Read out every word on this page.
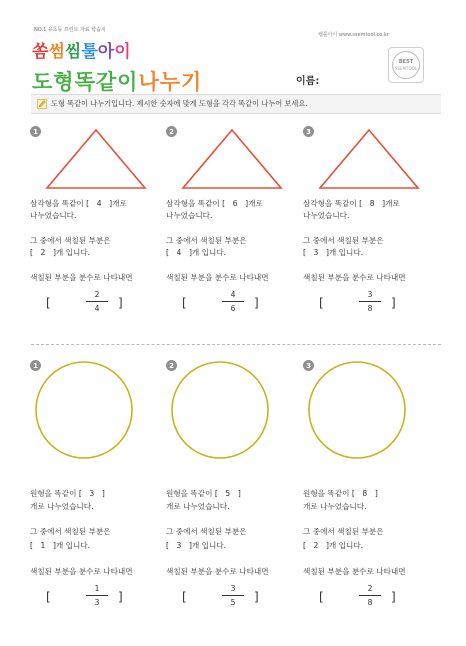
NO.1 유초등 프린트 자료 학습지
쏨 썸 씸 툴 아 이
쌤툴아이 www.ssemtool.co.kr
BEST
SSEMTOOL
도형똑같이나누기	이름:
도형 똑같이 나누기입니다. 제시한 숫자에 맞게 도형을 각각 똑같이 나누어 보세요.
1
삼각형을 똑같이 [ 4 ]개로
나누었습니다.
그 중에서 색칠된 부분은
[ 2 ]개 입니다.
색칠된 부분을 분수로 나타내면
[
2
4	]
2
삼각형을 똑같이 [ 6 ]개로
나누었습니다.
그 중에서 색칠된 부분은
[ 4 ]개 입니다.
색칠된 부분을 분수로 나타내면
[
4
6	]
3
삼각형을 똑같이 [ 8 ]개로
나누었습니다.
그 중에서 색칠된 부분은
[ 3 ]개 입니다.
색칠된 부분을 분수로 나타내면
[
3
8	]
1
원형을 똑같이 [ 3 ]
개로 나누었습니다.
그 중에서 색칠된 부분은
[ 1 ]개 입니다.
색칠된 부분을 분수로 나타내면
[
1
3	]
2
원형을 똑같이 [ 5 ]
개로 나누었습니다.
그 중에서 색칠된 부분은
[ 3 ]개 입니다.
색칠된 부분을 분수로 나타내면
[
3
5	]
3
원형을 똑같이 [ 8 ]
개로 나누었습니다.
그 중에서 색칠된 부분은
[ 2 ]개 입니다.
색칠된 부분을 분수로 나타내면
[
2
8	]
